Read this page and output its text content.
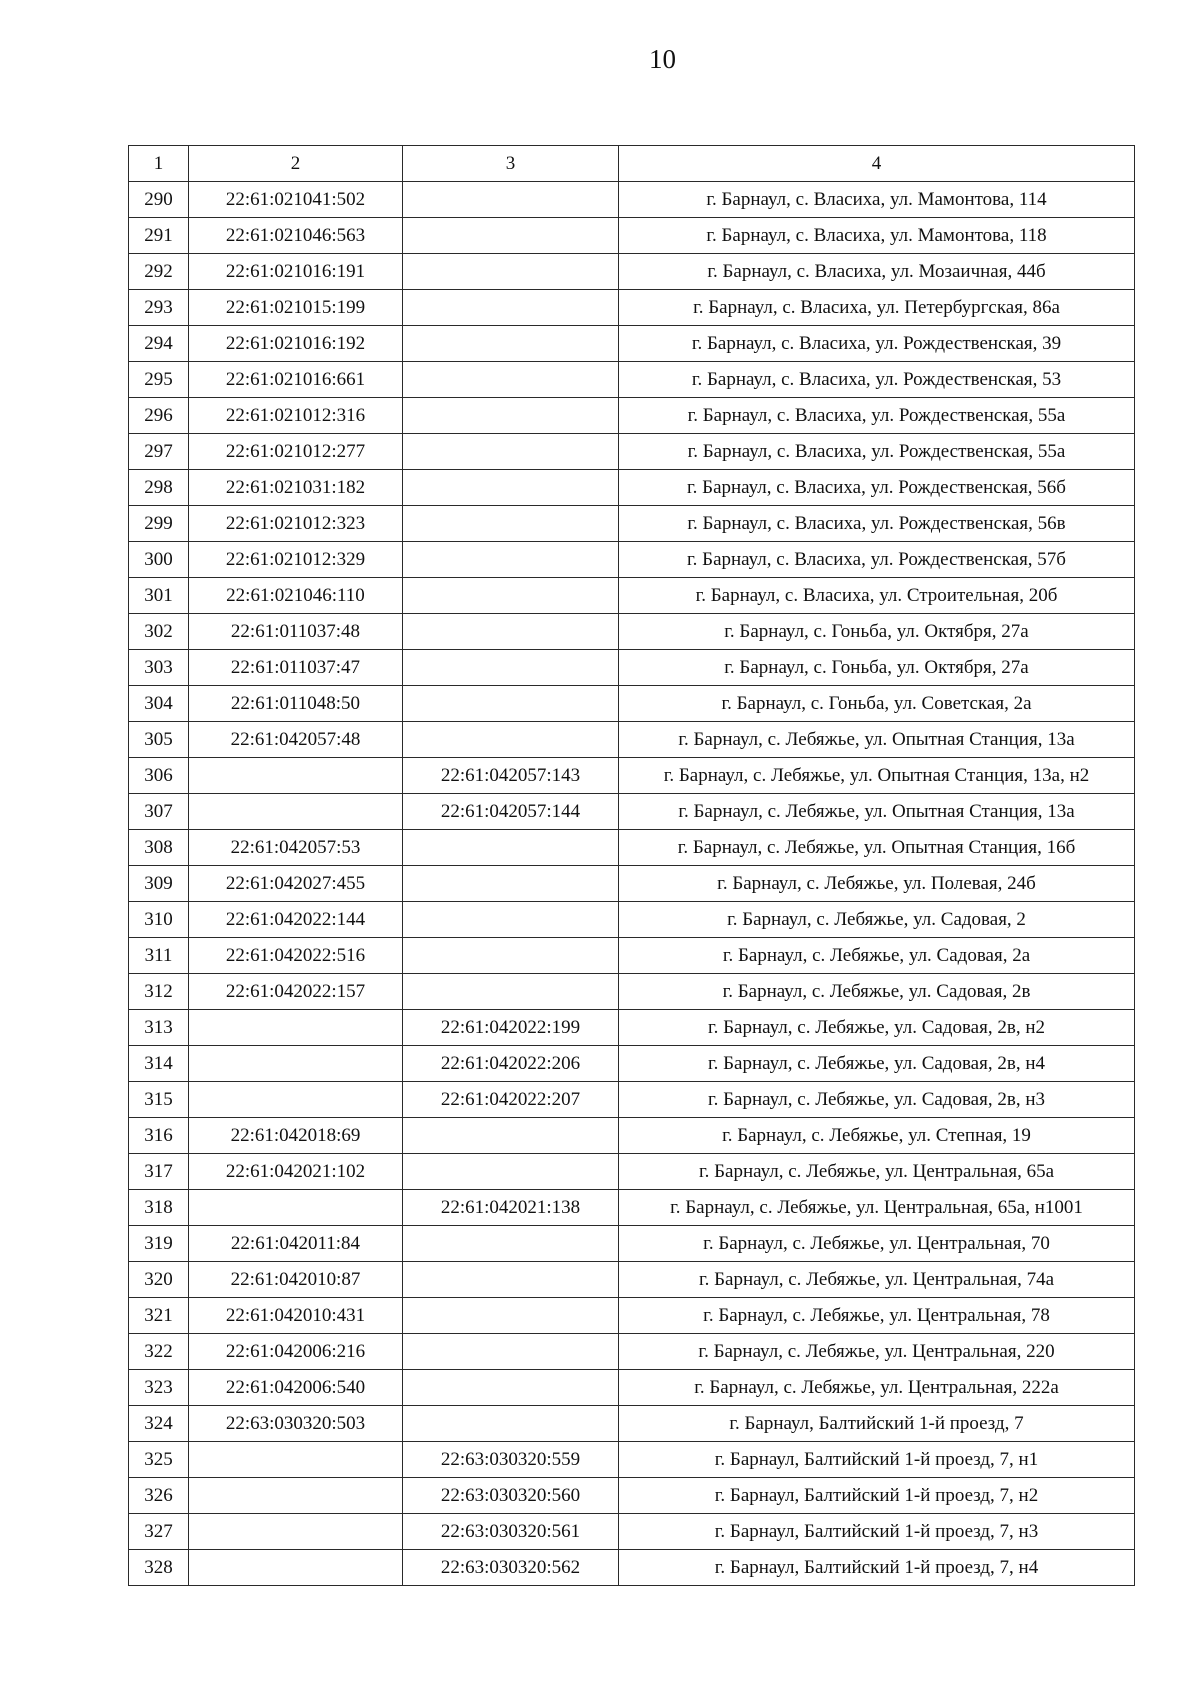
10
1	2	3	4
290	22:61:021041:502		г. Барнаул, с. Власиха, ул. Мамонтова, 114
291	22:61:021046:563		г. Барнаул, с. Власиха, ул. Мамонтова, 118
292	22:61:021016:191		г. Барнаул, с. Власиха, ул. Мозаичная, 44б
293	22:61:021015:199		г. Барнаул, с. Власиха, ул. Петербургская, 86а
294	22:61:021016:192		г. Барнаул, с. Власиха, ул. Рождественская, 39
295	22:61:021016:661		г. Барнаул, с. Власиха, ул. Рождественская, 53
296	22:61:021012:316		г. Барнаул, с. Власиха, ул. Рождественская, 55а
297	22:61:021012:277		г. Барнаул, с. Власиха, ул. Рождественская, 55а
298	22:61:021031:182		г. Барнаул, с. Власиха, ул. Рождественская, 56б
299	22:61:021012:323		г. Барнаул, с. Власиха, ул. Рождественская, 56в
300	22:61:021012:329		г. Барнаул, с. Власиха, ул. Рождественская, 57б
301	22:61:021046:110		г. Барнаул, с. Власиха, ул. Строительная, 20б
302	22:61:011037:48		г. Барнаул, с. Гоньба, ул. Октября, 27а
303	22:61:011037:47		г. Барнаул, с. Гоньба, ул. Октября, 27а
304	22:61:011048:50		г. Барнаул, с. Гоньба, ул. Советская, 2а
305	22:61:042057:48		г. Барнаул, с. Лебяжье, ул. Опытная Станция, 13а
306		22:61:042057:143	г. Барнаул, с. Лебяжье, ул. Опытная Станция, 13а, н2
307		22:61:042057:144	г. Барнаул, с. Лебяжье, ул. Опытная Станция, 13а
308	22:61:042057:53		г. Барнаул, с. Лебяжье, ул. Опытная Станция, 16б
309	22:61:042027:455		г. Барнаул, с. Лебяжье, ул. Полевая, 24б
310	22:61:042022:144		г. Барнаул, с. Лебяжье, ул. Садовая, 2
311	22:61:042022:516		г. Барнаул, с. Лебяжье, ул. Садовая, 2а
312	22:61:042022:157		г. Барнаул, с. Лебяжье, ул. Садовая, 2в
313		22:61:042022:199	г. Барнаул, с. Лебяжье, ул. Садовая, 2в, н2
314		22:61:042022:206	г. Барнаул, с. Лебяжье, ул. Садовая, 2в, н4
315		22:61:042022:207	г. Барнаул, с. Лебяжье, ул. Садовая, 2в, н3
316	22:61:042018:69		г. Барнаул, с. Лебяжье, ул. Степная, 19
317	22:61:042021:102		г. Барнаул, с. Лебяжье, ул. Центральная, 65а
318		22:61:042021:138	г. Барнаул, с. Лебяжье, ул. Центральная, 65а, н1001
319	22:61:042011:84		г. Барнаул, с. Лебяжье, ул. Центральная, 70
320	22:61:042010:87		г. Барнаул, с. Лебяжье, ул. Центральная, 74а
321	22:61:042010:431		г. Барнаул, с. Лебяжье, ул. Центральная, 78
322	22:61:042006:216		г. Барнаул, с. Лебяжье, ул. Центральная, 220
323	22:61:042006:540		г. Барнаул, с. Лебяжье, ул. Центральная, 222а
324	22:63:030320:503		г. Барнаул, Балтийский 1-й проезд, 7
325		22:63:030320:559	г. Барнаул, Балтийский 1-й проезд, 7, н1
326		22:63:030320:560	г. Барнаул, Балтийский 1-й проезд, 7, н2
327		22:63:030320:561	г. Барнаул, Балтийский 1-й проезд, 7, н3
328		22:63:030320:562	г. Барнаул, Балтийский 1-й проезд, 7, н4
